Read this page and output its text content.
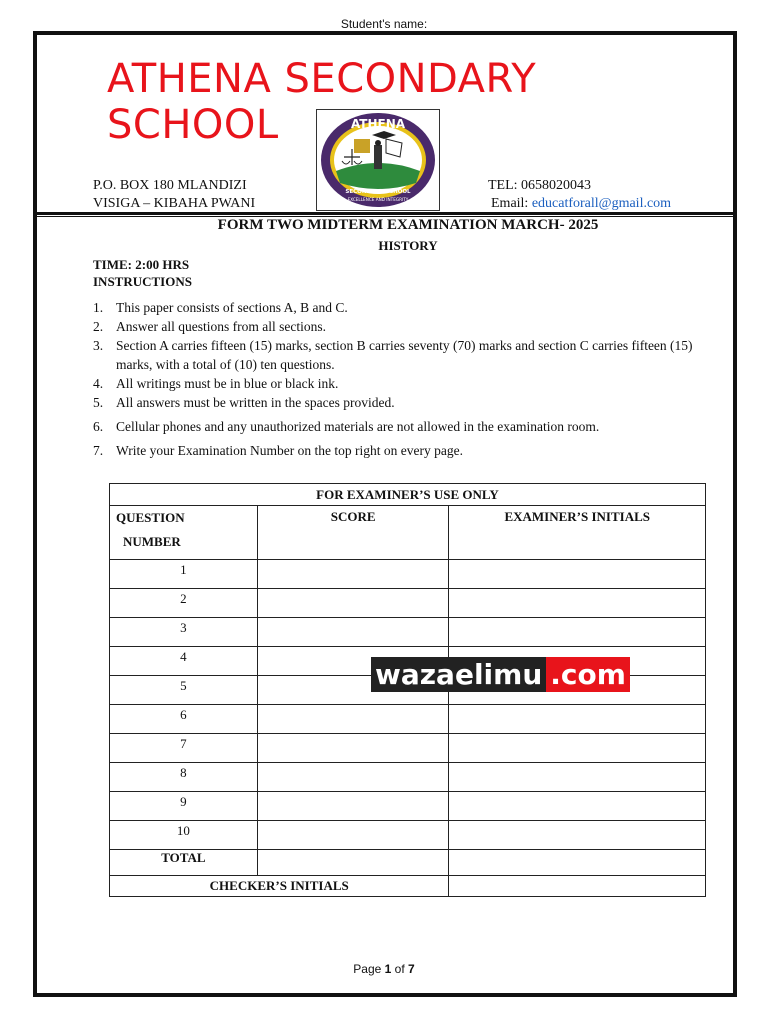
Student's name:
ATHENA SECONDARY
SCHOOL	ATHENA
SECONDARY SCHOOL
EXCELLENCE AND INTEGRITY
P.O. BOX 180 MLANDIZI
VISIGA – KIBAHA PWANI
TEL: 0658020043
Email: educatforall@gmail.com
FORM TWO MIDTERM EXAMINATION MARCH- 2025
HISTORY
TIME: 2:00 HRS
INSTRUCTIONS
1. This paper consists of sections A, B and C.
2. Answer all questions from all sections.
3. Section A carries fifteen (15) marks, section B carries seventy (70) marks and section C carries fifteen (15) marks, with a total of (10) ten questions.
4. All writings must be in blue or black ink.
5. All answers must be written in the spaces provided.
6. Cellular phones and any unauthorized materials are not allowed in the examination room.
7. Write your Examination Number on the top right on every page.
FOR EXAMINER’S USE ONLY		
QUESTION
NUMBER	SCORE	EXAMINER’S INITIALS
1		
2		
3		
4		
5		
6		
7		
8		
9		
10		
TOTAL		
CHECKER’S INITIALS		
wazaelimu .com
Page 1 of 7
